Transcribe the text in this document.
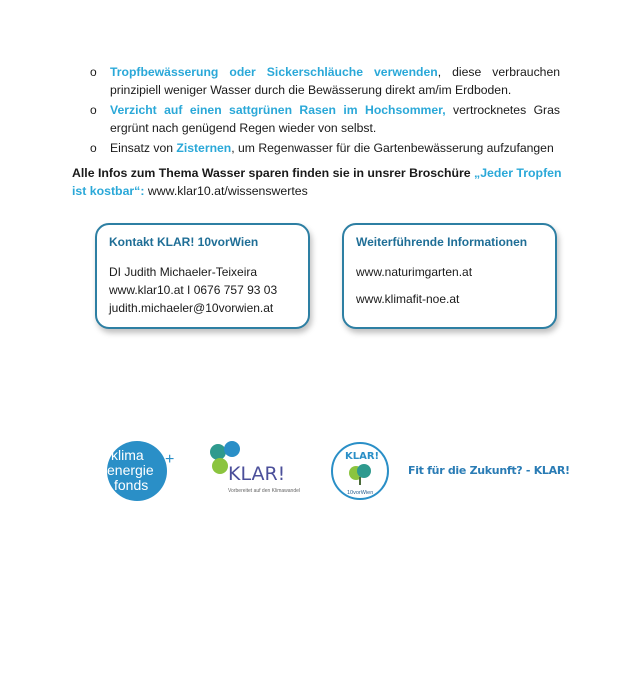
o Tropfbewässerung oder Sickerschläuche verwenden, diese verbrauchen prinzipiell weniger Wasser durch die Bewässerung direkt am/im Erdboden.
o Verzicht auf einen sattgrünen Rasen im Hochsommer, vertrocknetes Gras ergrünt nach genügend Regen wieder von selbst.
o Einsatz von Zisternen, um Regenwasser für die Gartenbewässerung aufzufangen
Alle Infos zum Thema Wasser sparen finden sie in unsrer Broschüre „Jeder Tropfen ist kostbar“: www.klar10.at/wissenswertes
Kontakt KLAR! 10vorWien
DI Judith Michaeler-Teixeira
www.klar10.at I 0676 757 93 03
judith.michaeler@10vorwien.at
Weiterführende Informationen
www.naturimgarten.at
www.klimafit-noe.at
klima
energie
fonds
+
KLAR!
Vorbereitet auf den Klimawandel
KLAR!
10vorWien
Fit für die Zukunft? - KLAR!
